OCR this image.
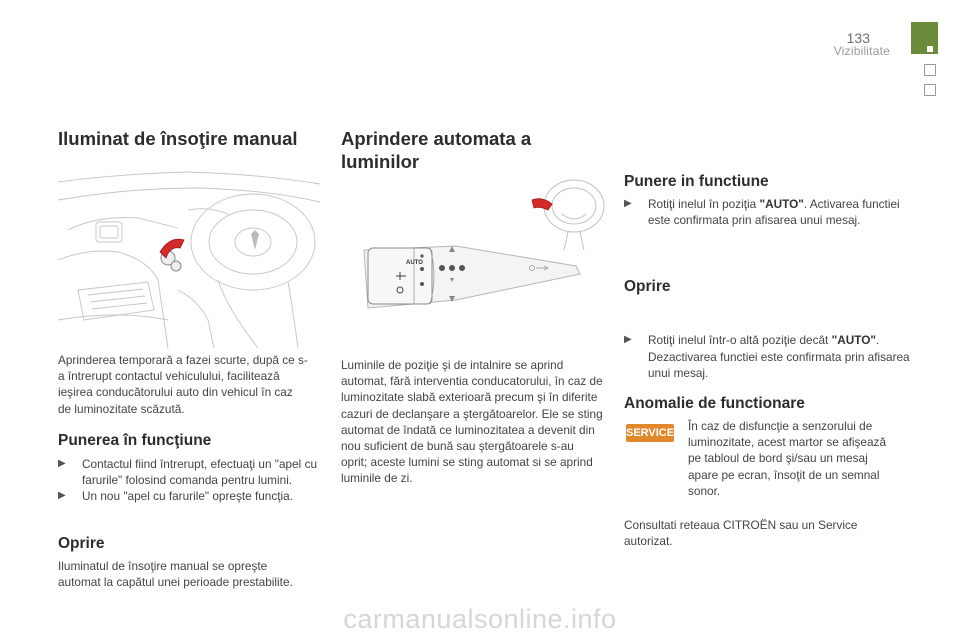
133
Vizibilitate
Iluminat de însoţire manual

Aprinderea temporară a fazei scurte, după ce s-a întrerupt contactul vehiculului, facilitează ieşirea conducătorului auto din vehicul în caz de luminozitate scăzută.

Punerea în funcţiune
▶ Contactul fiind întrerupt, efectuaţi un "apel cu farurile" folosind comanda pentru lumini.
▶ Un nou "apel cu farurile" opreşte funcţia.
Oprire

Iluminatul de însoţire manual se opreşte automat la capătul unei perioade prestabilite.

Aprindere automata a
luminilor
AUTO

Luminile de poziţie şi de intalnire se aprind automat, fără interventia conducatorului, în caz de luminozitate slabă exterioară precum şi în diferite cazuri de declanşare a ştergătoarelor. Ele se sting automat de îndată ce luminozitatea a devenit din nou suficient de bună sau ştergătoarele s-au oprit; aceste lumini se sting automat si se aprind luminile de zi.

Punere in functiune
▶ Rotiţi inelul în poziţia "AUTO". Activarea functiei este confirmata prin afisarea unui mesaj.
Oprire
▶ Rotiţi inelul într-o altă poziţie decât "AUTO". Dezactivarea functiei este confirmata prin afisarea unui mesaj.
Anomalie de functionare
SERVICE În caz de disfuncţie a senzorului de luminozitate, acest martor se afişează pe tabloul de bord şi/sau un mesaj apare pe ecran, însoţit de un semnal sonor.

Consultati reteaua CITROËN sau un Service autorizat.

carmanualsonline.info
